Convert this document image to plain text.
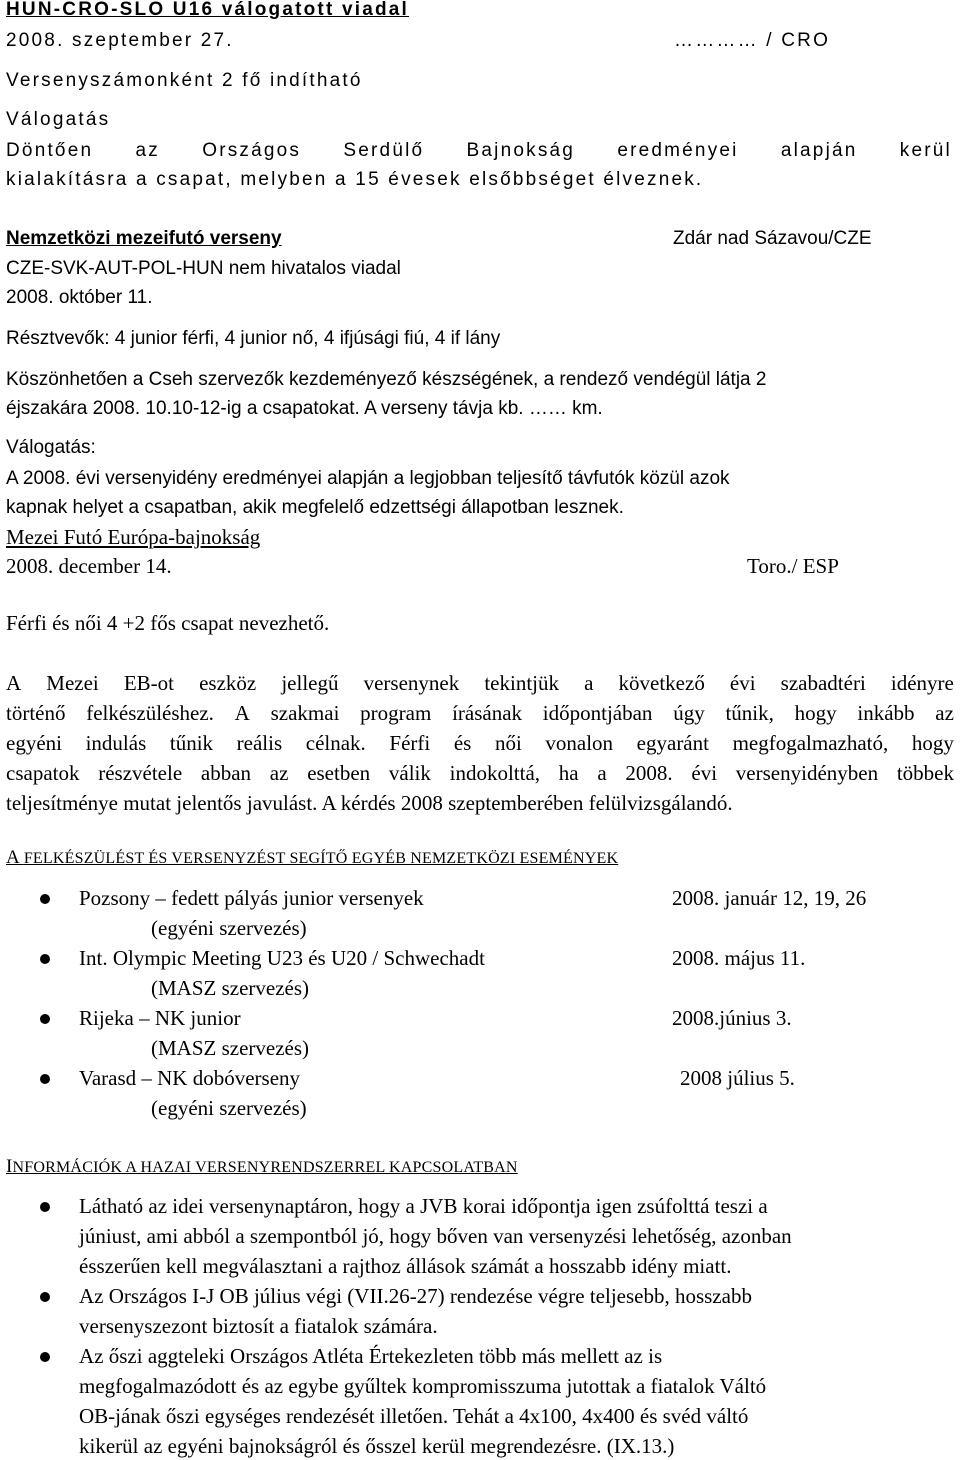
HUN-CRO-SLO U16 válogatott viadal
2008. szeptember 27.	………… / CRO
Versenyszámonként 2 fő indítható
Válogatás
Döntően az Országos Serdülő Bajnokság eredményei alapján kerül
kialakításra a csapat, melyben a 15 évesek elsőbbséget élveznek.
Nemzetközi mezeifutó verseny	Zdár nad Sázavou/CZE
CZE-SVK-AUT-POL-HUN nem hivatalos viadal
2008. október 11.
Résztvevők: 4 junior férfi, 4 junior nő, 4 ifjúsági fiú, 4 if lány
Köszönhetően a Cseh szervezők kezdeményező készségének, a rendező vendégül látja 2
éjszakára 2008. 10.10-12-ig a csapatokat. A verseny távja kb. …… km.
Válogatás:
A 2008. évi versenyidény eredményei alapján a legjobban teljesítő távfutók közül azok
kapnak helyet a csapatban, akik megfelelő edzettségi állapotban lesznek.
Mezei Futó Európa-bajnokság
2008. december 14.	Toro./ ESP
Férfi és női 4 +2 fős csapat nevezhető.
A Mezei EB-ot eszköz jellegű versenynek tekintjük a következő évi szabadtéri idényre
történő felkészüléshez. A szakmai program írásának időpontjában úgy tűnik, hogy inkább az
egyéni indulás tűnik reális célnak. Férfi és női vonalon egyaránt megfogalmazható, hogy
csapatok részvétele abban az esetben válik indokolttá, ha a 2008. évi versenyidényben többek
teljesítménye mutat jelentős javulást. A kérdés 2008 szeptemberében felülvizsgálandó.
A FELKÉSZÜLÉST ÉS VERSENYZÉST SEGÍTŐ EGYÉB NEMZETKÖZI ESEMÉNYEK
Pozsony – fedett pályás junior versenyek	2008. január 12, 19, 26
(egyéni szervezés)
Int. Olympic Meeting U23 és U20 / Schwechadt	2008. május 11.
(MASZ szervezés)
Rijeka – NK junior	2008.június 3.
(MASZ szervezés)
Varasd – NK dobóverseny	2008 július 5.
(egyéni szervezés)
INFORMÁCIÓK A HAZAI VERSENYRENDSZERREL KAPCSOLATBAN
Látható az idei versenynaptáron, hogy a JVB korai időpontja igen zsúfolttá teszi a
júniust, ami abból a szempontból jó, hogy bőven van versenyzési lehetőség, azonban
ésszerűen kell megválasztani a rajthoz állások számát a hosszabb idény miatt.
Az Országos I-J OB július végi (VII.26-27) rendezése végre teljesebb, hosszabb
versenyszezont biztosít a fiatalok számára.
Az őszi aggteleki Országos Atléta Értekezleten több más mellett az is
megfogalmazódott és az egybe gyűltek kompromisszuma jutottak a fiatalok Váltó
OB-jának őszi egységes rendezését illetően. Tehát a 4x100, 4x400 és svéd váltó
kikerül az egyéni bajnokságról és ősszel kerül megrendezésre. (IX.13.)
